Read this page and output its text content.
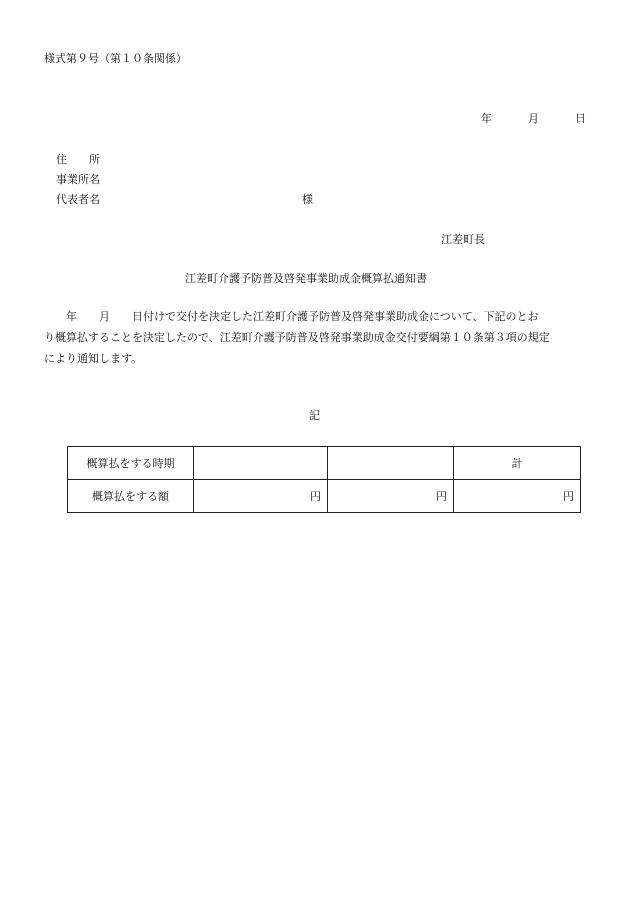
様式第９号（第１０条関係）
年	月	日
住　　所
事業所名
代表者名	様
江差町長
江差町介護予防普及啓発事業助成金概算払通知書

　　年　　月　　日付けで交付を決定した江差町介護予防普及啓発事業助成金について、下記のとお

り概算払することを決定したので、江差町介護予防普及啓発事業助成金交付要綱第１０条第３項の規定

により通知します。

記
概算払をする時期			計
概算払をする額	円	円	円
